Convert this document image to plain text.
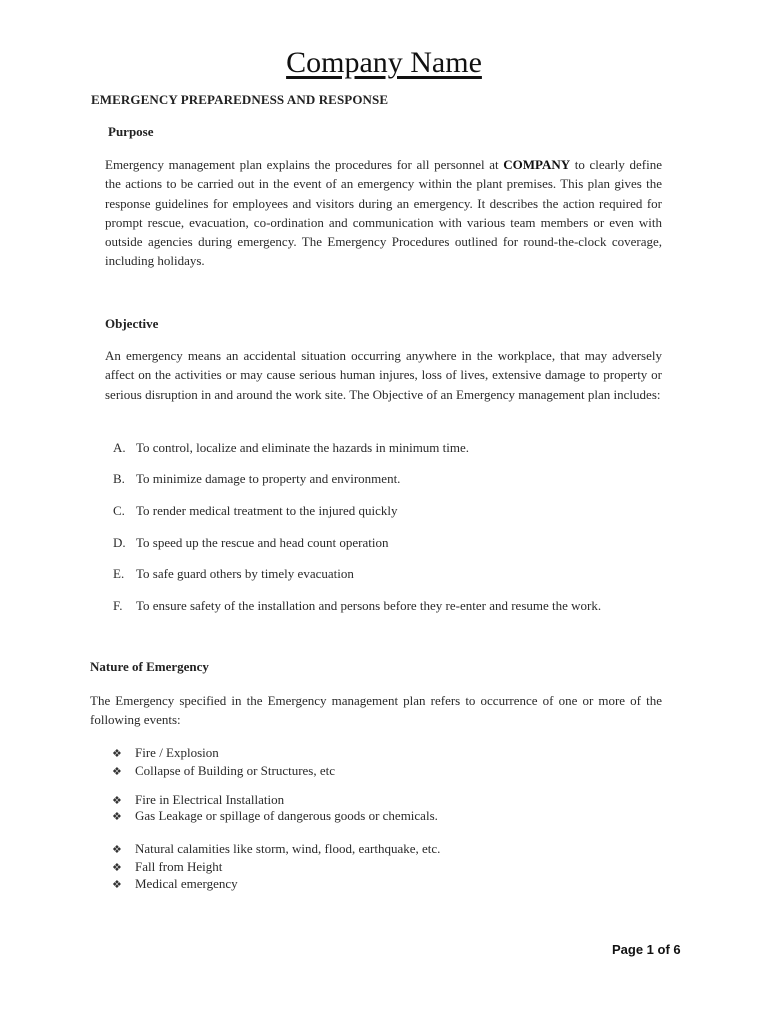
Company Name
EMERGENCY PREPAREDNESS AND RESPONSE
Purpose

Emergency management plan explains the procedures for all personnel at COMPANY to clearly define the actions to be carried out in the event of an emergency within the plant premises. This plan gives the response guidelines for employees and visitors during an emergency. It describes the action required for prompt rescue, evacuation, co-ordination and communication with various team members or even with outside agencies during emergency. The Emergency Procedures outlined for round-the-clock coverage, including holidays.

Objective

An emergency means an accidental situation occurring anywhere in the workplace, that may adversely affect on the activities or may cause serious human injures, loss of lives, extensive damage to property or serious disruption in and around the work site. The Objective of an Emergency management plan includes:

A. To control, localize and eliminate the hazards in minimum time.
B. To minimize damage to property and environment.
C. To render medical treatment to the injured quickly
D. To speed up the rescue and head count operation
E. To safe guard others by timely evacuation
F. To ensure safety of the installation and persons before they re-enter and resume the work.
Nature of Emergency

The Emergency specified in the Emergency management plan refers to occurrence of one or more of the following events:

❖ Fire / Explosion
❖ Collapse of Building or Structures, etc
❖ Fire in Electrical Installation
❖ Gas Leakage or spillage of dangerous goods or chemicals.
❖ Natural calamities like storm, wind, flood, earthquake, etc.
❖ Fall from Height
❖ Medical emergency
Page 1 of 6
